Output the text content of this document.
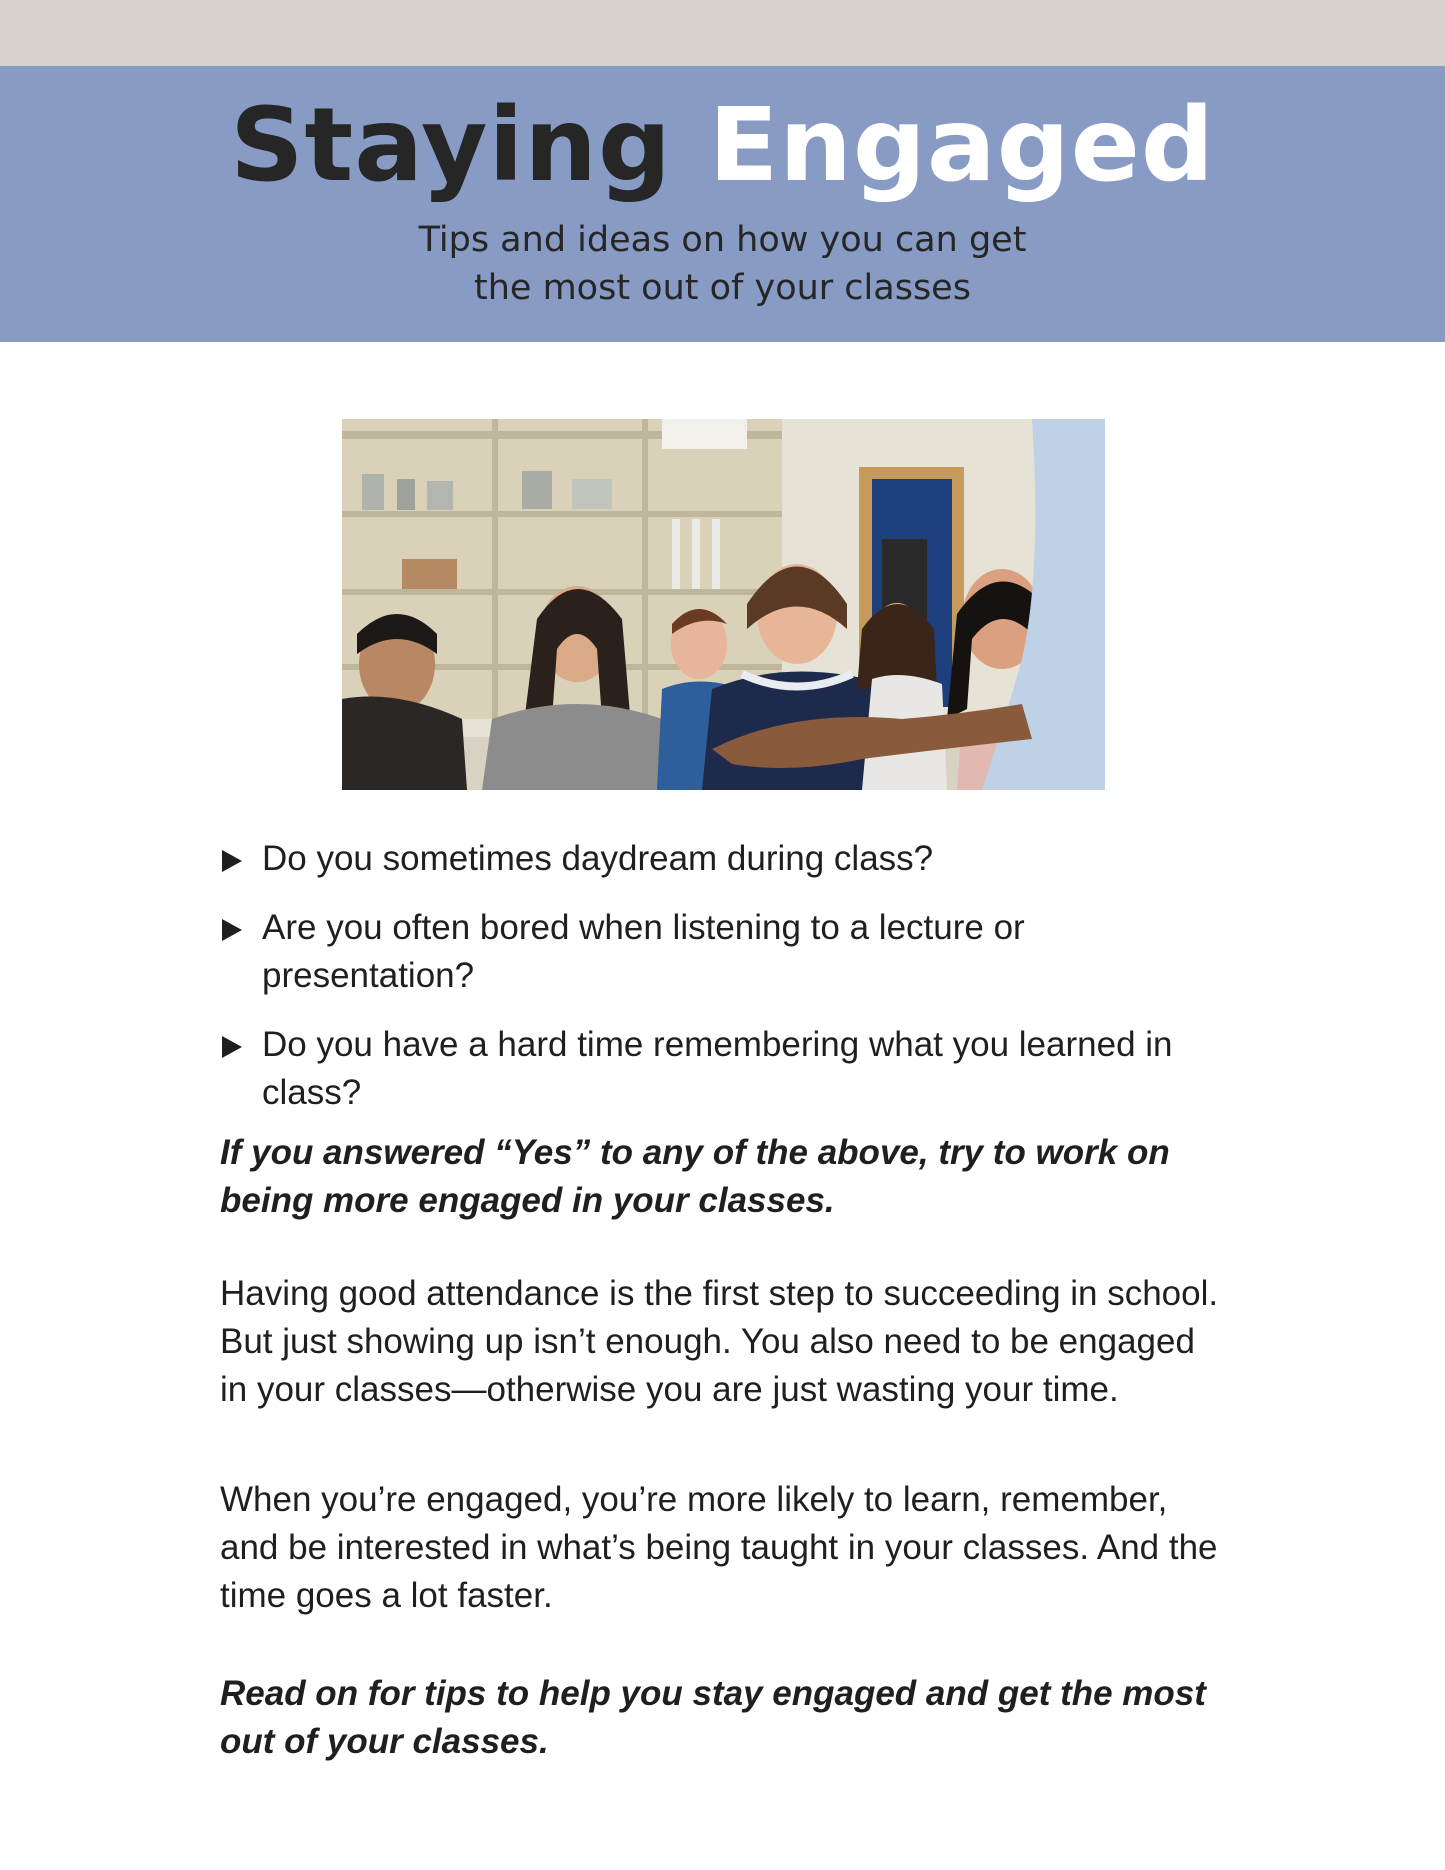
Staying Engaged

Tips and ideas on how you can get
the most out of your classes

Do you sometimes daydream during class?
Are you often bored when listening to a lecture or presentation?
Do you have a hard time remembering what you learned in class?

If you answered “Yes” to any of the above, try to work on being more engaged in your classes.

Having good attendance is the first step to succeeding in school. But just showing up isn’t enough. You also need to be engaged in your classes—otherwise you are just wasting your time.

When you’re engaged, you’re more likely to learn, remember, and be interested in what’s being taught in your classes. And the time goes a lot faster.

Read on for tips to help you stay engaged and get the most out of your classes.
